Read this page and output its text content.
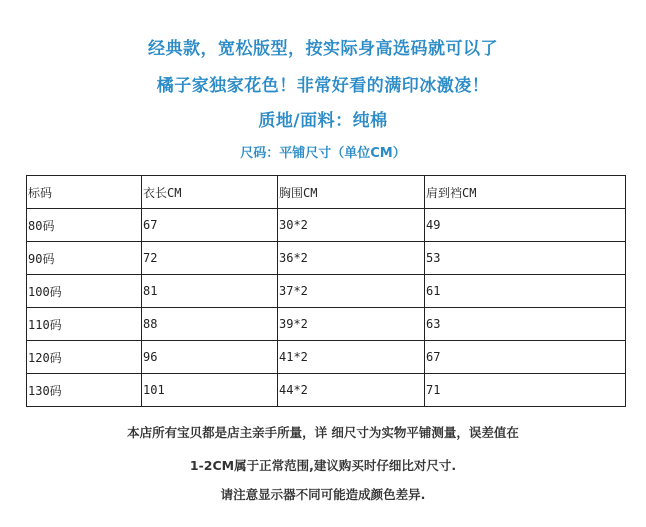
经典款，宽松版型，按实际身高选码就可以了
橘子家独家花色！非常好看的满印冰激凌！
质地/面料：纯棉
尺码：平铺尺寸（单位CM）
标码	衣长CM	胸围CM	肩到裆CM
80码	67	30*2	49
90码	72	36*2	53
100码	81	37*2	61
110码	88	39*2	63
120码	96	41*2	67
130码	101	44*2	71
本店所有宝贝都是店主亲手所量，详 细尺寸为实物平铺测量，误差值在
1-2CM属于正常范围,建议购买时仔细比对尺寸.
请注意显示器不同可能造成颜色差异.
